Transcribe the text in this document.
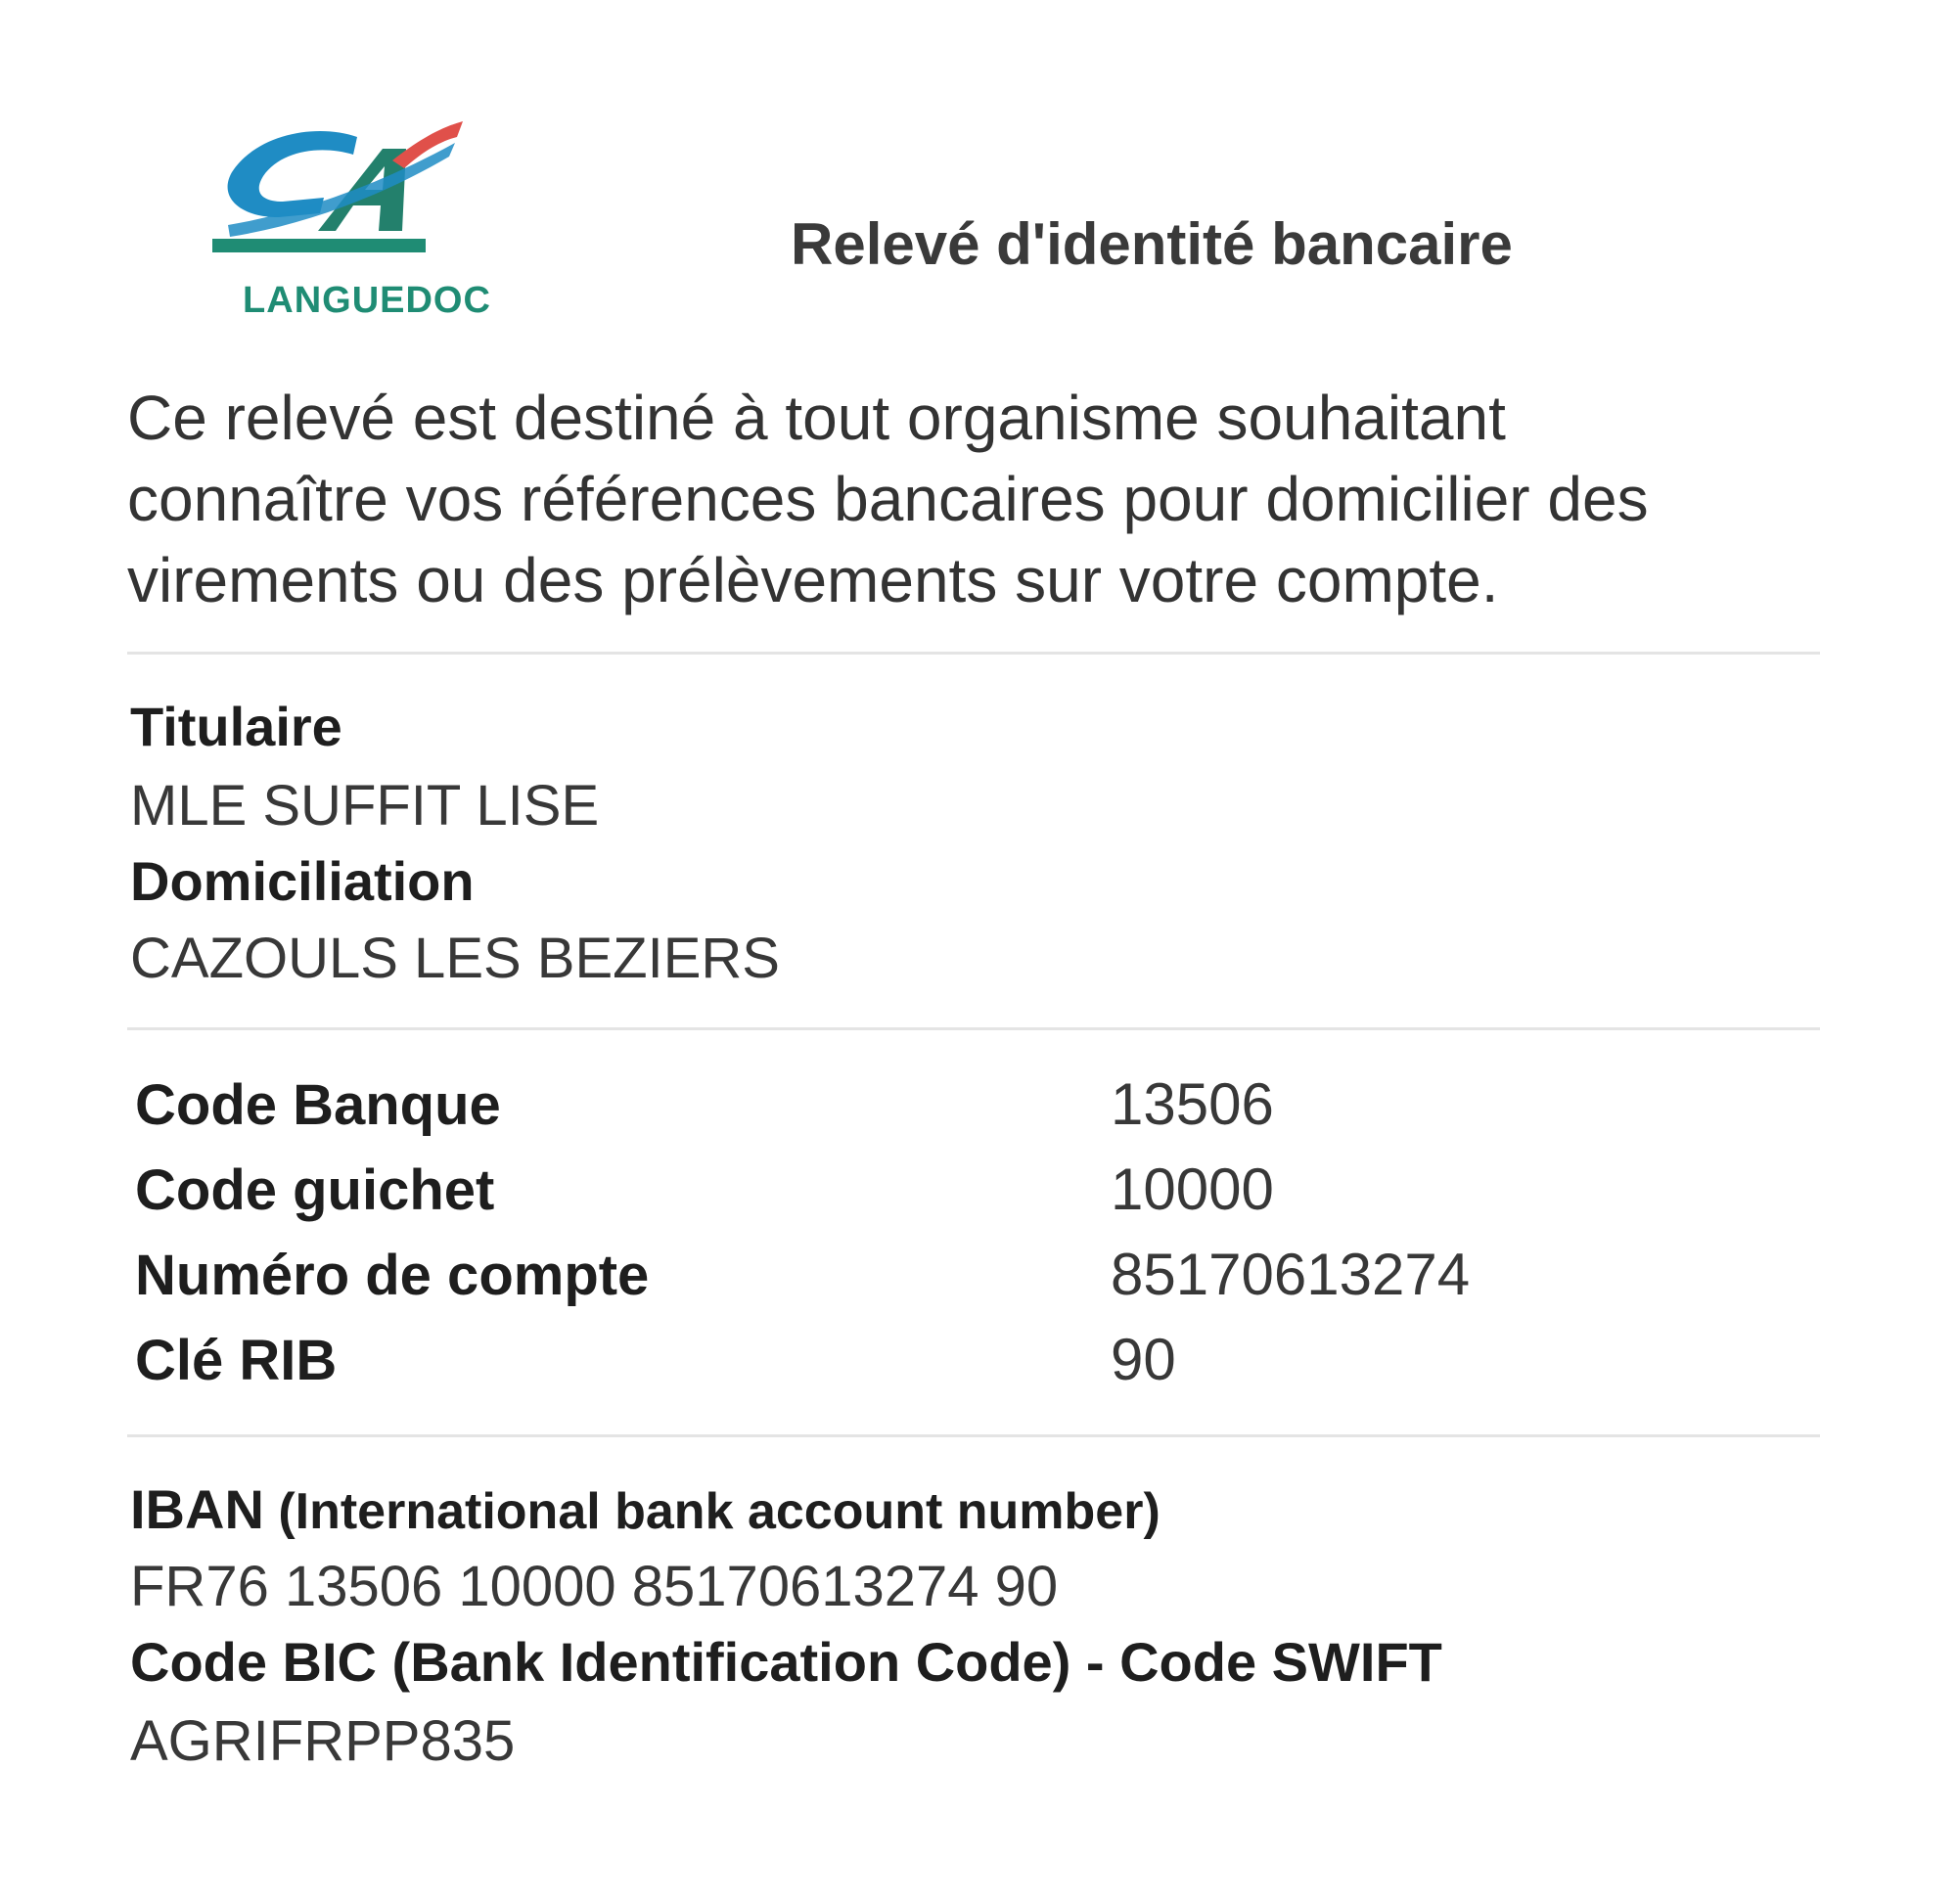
LANGUEDOC
Relevé d'identité bancaire
Ce relevé est destiné à tout organisme souhaitant
connaître vos références bancaires pour domicilier des
virements ou des prélèvements sur votre compte.
Titulaire
MLE SUFFIT LISE
Domiciliation
CAZOULS LES BEZIERS
Code Banque	13506
Code guichet	10000
Numéro de compte	85170613274
Clé RIB	90
IBAN (International bank account number)
FR76 13506 10000 85170613274 90
Code BIC (Bank Identification Code) - Code SWIFT
AGRIFRPP835
